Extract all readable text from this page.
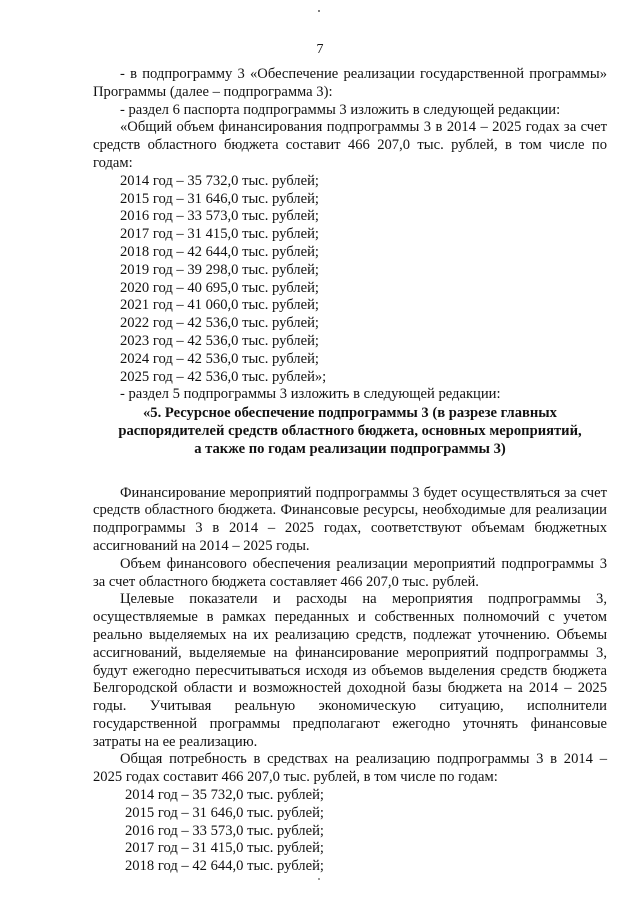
7

- в подпрограмму 3 «Обеспечение реализации государственной программы» Программы (далее – подпрограмма 3):

- раздел 6 паспорта подпрограммы 3 изложить в следующей редакции:

«Общий объем финансирования подпрограммы 3 в 2014 – 2025 годах за счет средств областного бюджета составит 466 207,0 тыс. рублей, в том числе по годам:

2014 год – 35 732,0 тыс. рублей;
2015 год – 31 646,0 тыс. рублей;
2016 год – 33 573,0 тыс. рублей;
2017 год – 31 415,0 тыс. рублей;
2018 год – 42 644,0 тыс. рублей;
2019 год – 39 298,0 тыс. рублей;
2020 год – 40 695,0 тыс. рублей;
2021 год – 41 060,0 тыс. рублей;
2022 год – 42 536,0 тыс. рублей;
2023 год – 42 536,0 тыс. рублей;
2024 год – 42 536,0 тыс. рублей;
2025 год – 42 536,0 тыс. рублей»;

- раздел 5 подпрограммы 3 изложить в следующей редакции:

«5. Ресурсное обеспечение подпрограммы 3 (в разрезе главных
распорядителей средств областного бюджета, основных мероприятий,
а также по годам реализации подпрограммы 3)

Финансирование мероприятий подпрограммы 3 будет осуществляться за счет средств областного бюджета. Финансовые ресурсы, необходимые для реализации подпрограммы 3 в 2014 – 2025 годах, соответствуют объемам бюджетных ассигнований на 2014 – 2025 годы.

Объем финансового обеспечения реализации мероприятий подпрограммы 3 за счет областного бюджета составляет 466 207,0 тыс. рублей.

Целевые показатели и расходы на мероприятия подпрограммы 3, осуществляемые в рамках переданных и собственных полномочий с учетом реально выделяемых на их реализацию средств, подлежат уточнению. Объемы ассигнований, выделяемые на финансирование мероприятий подпрограммы 3, будут ежегодно пересчитываться исходя из объемов выделения средств бюджета Белгородской области и возможностей доходной базы бюджета на 2014 – 2025 годы. Учитывая реальную экономическую ситуацию, исполнители государственной программы предполагают ежегодно уточнять финансовые затраты на ее реализацию.

Общая потребность в средствах на реализацию подпрограммы 3 в 2014 – 2025 годах составит 466 207,0 тыс. рублей, в том числе по годам:

2014 год – 35 732,0 тыс. рублей;
2015 год – 31 646,0 тыс. рублей;
2016 год – 33 573,0 тыс. рублей;
2017 год – 31 415,0 тыс. рублей;
2018 год – 42 644,0 тыс. рублей;
